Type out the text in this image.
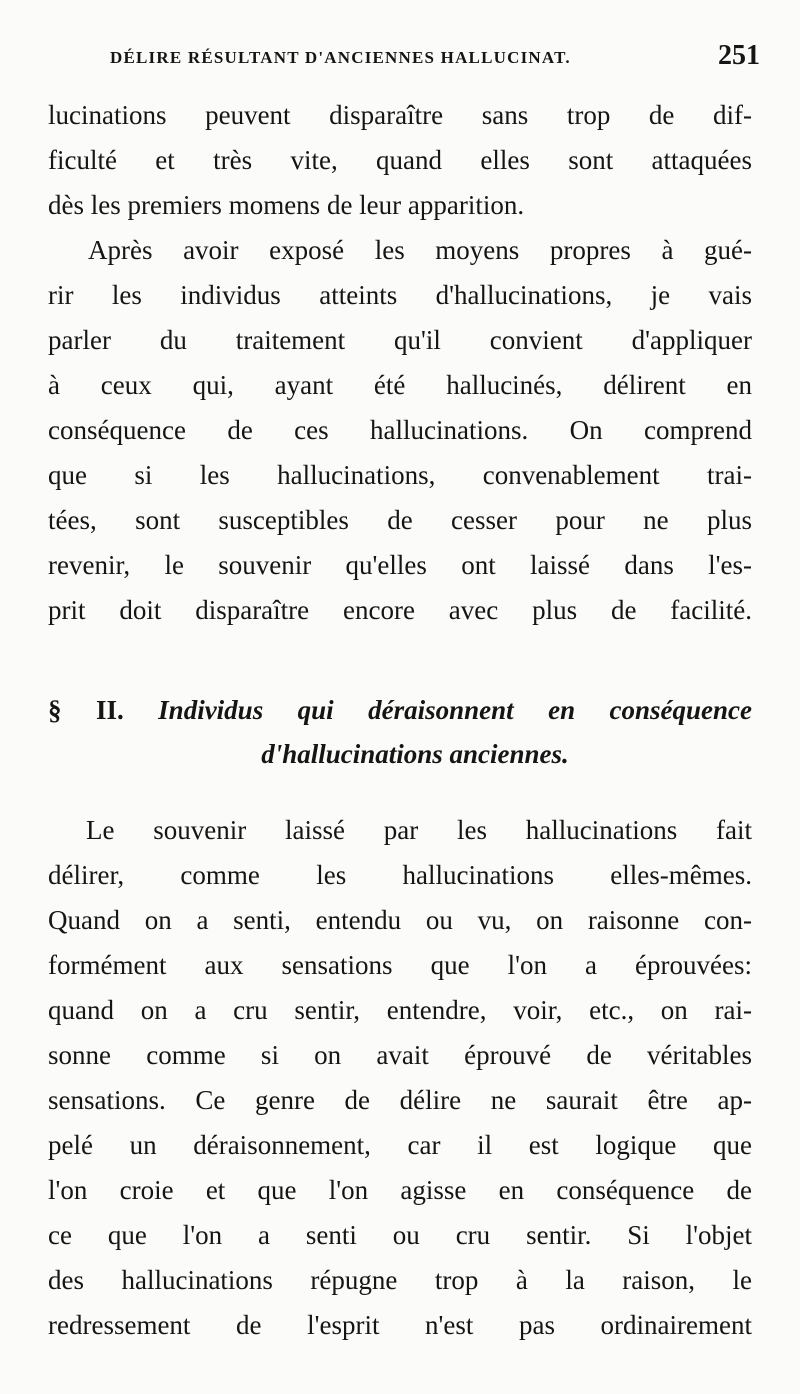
DÉLIRE RÉSULTANT D'ANCIENNES HALLUCINAT.	251
lucinations peuvent disparaître sans trop de dif-
ficulté et très vite, quand elles sont attaquées
dès les premiers momens de leur apparition.
Après avoir exposé les moyens propres à gué-
rir les individus atteints d'hallucinations, je vais
parler du traitement qu'il convient d'appliquer
à ceux qui, ayant été hallucinés, délirent en
conséquence de ces hallucinations. On comprend
que si les hallucinations, convenablement trai-
tées, sont susceptibles de cesser pour ne plus
revenir, le souvenir qu'elles ont laissé dans l'es-
prit doit disparaître encore avec plus de facilité.
§ II. Individus qui déraisonnent en conséquence
d'hallucinations anciennes.
Le souvenir laissé par les hallucinations fait
délirer, comme les hallucinations elles-mêmes.
Quand on a senti, entendu ou vu, on raisonne con-
formément aux sensations que l'on a éprouvées:
quand on a cru sentir, entendre, voir, etc., on rai-
sonne comme si on avait éprouvé de véritables
sensations. Ce genre de délire ne saurait être ap-
pelé un déraisonnement, car il est logique que
l'on croie et que l'on agisse en conséquence de
ce que l'on a senti ou cru sentir. Si l'objet
des hallucinations répugne trop à la raison, le
redressement de l'esprit n'est pas ordinairement
